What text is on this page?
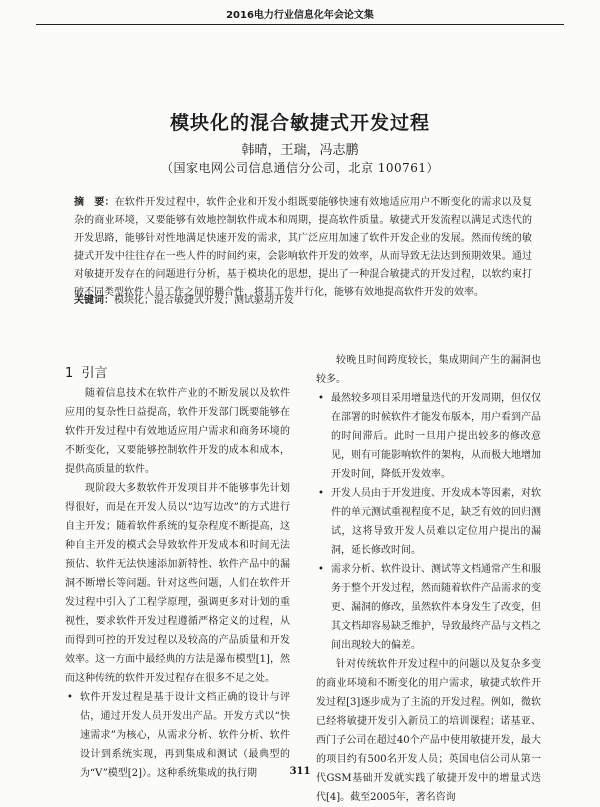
2016电力行业信息化年会论文集
模块化的混合敏捷式开发过程
韩晴，王瑞，冯志鹏
（国家电网公司信息通信分公司，北京 100761）
摘　要：在软件开发过程中，软件企业和开发小组既要能够快速有效地适应用户不断变化的需求以及复杂的商业环境，又要能够有效地控制软件成本和周期，提高软件质量。敏捷式开发流程以满足式迭代的开发思路，能够针对性地满足快速开发的需求，其广泛应用加速了软件开发企业的发展。然而传统的敏捷式开发中往往存在一些人件的时间约束，会影响软件开发的效率，从而导致无法达到预期效果。通过对敏捷开发存在的问题进行分析，基于模块化的思想，提出了一种混合敏捷式的开发过程，以软约束打破不同类型软件人员工作之间的耦合性，将其工作并行化，能够有效地提高软件开发的效率。
关键词：模块化；混合敏捷式开发；测试驱动开发
1 引言

随着信息技术在软件产业的不断发展以及软件应用的复杂性日益提高，软件开发部门既要能够在软件开发过程中有效地适应用户需求和商务环境的不断变化，又要能够控制软件开发的成本和成本，提供高质量的软件。

现阶段大多数软件开发项目并不能够事先计划得很好，而是在开发人员以“边写边改”的方式进行自主开发；随着软件系统的复杂程度不断提高，这种自主开发的模式会导致软件开发成本和时间无法预估、软件无法快速添加新特性、软件产品中的漏洞不断增长等问题。针对这些问题，人们在软件开发过程中引入了工程学原理，强调更多对计划的重视性，要求软件开发过程遵循严格定义的过程，从而得到可控的开发过程以及较高的产品质量和开发效率。这一方面中最经典的方法是瀑布模型[1]，然而这种传统的软件开发过程存在很多不足之处。

• 软件开发过程是基于设计文档正确的设计与评估，通过开发人员开发出产品。开发方式以“快速需求”为核心，从需求分析、软件分析、软件设计到系统实现，再到集成和测试（最典型的为“V”模型[2]）。这种系统集成的执行期

较晚且时间跨度较长，集成期间产生的漏洞也较多。

• 最然较多项目采用增量迭代的开发周期，但仅仅在部署的时候软件才能发布版本，用户看到产品的时间滞后。此时一旦用户提出较多的修改意见，则有可能影响软件的架构，从而极大地增加开发时间，降低开发效率。
• 开发人员由于开发进度、开发成本等因素，对软件的单元测试重视程度不足，缺乏有效的回归测试，这将导致开发人员难以定位用户提出的漏洞，延长修改时间。
• 需求分析、软件设计、测试等文档通常产生和服务于整个开发过程，然而随着软件产品需求的变更、漏洞的修改，虽然软件本身发生了改变，但其文档却容易缺乏维护，导致最终产品与文档之间出现较大的偏差。

针对传统软件开发过程中的问题以及复杂多变的商业环境和不断变化的用户需求，敏捷式软件开发过程[3]逐步成为了主流的开发过程。例如，微软已经将敏捷开发引入新员工的培训课程；诺基亚、西门子公司在超过40个产品中使用敏捷开发，最大的项目约有500名开发人员；英国电信公司从第一代GSM基础开发就实践了敏捷开发中的增量式迭代[4]。截至2005年，著名咨询

311
